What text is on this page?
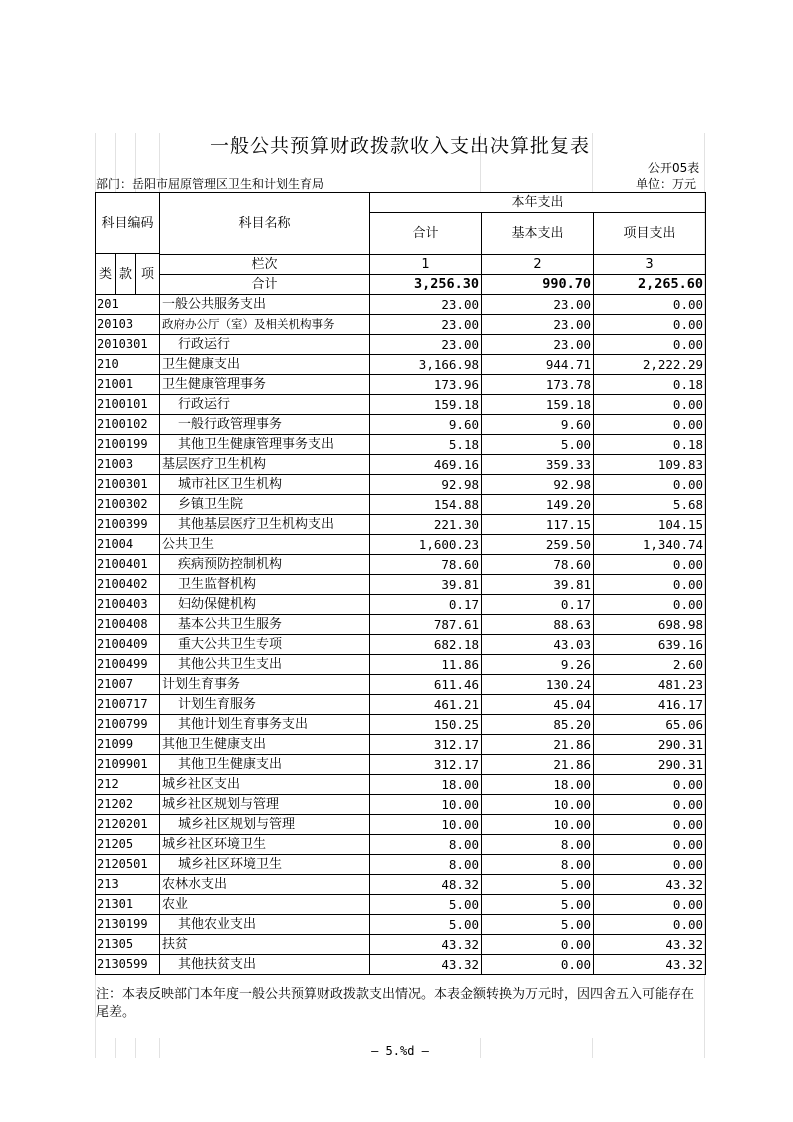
一般公共预算财政拨款收入支出决算批复表
公开05表
部门：岳阳市屈原管理区卫生和计划生育局	单位：万元
科目编码			科目名称	本年支出		
				合计	基本支出	项目支出
类	款	项				
			栏次	1	2	3
			合计	3,256.30	990.70	2,265.60
201			一般公共服务支出	23.00	23.00	0.00
20103			政府办公厅（室）及相关机构事务	23.00	23.00	0.00
2010301			行政运行	23.00	23.00	0.00
210			卫生健康支出	3,166.98	944.71	2,222.29
21001			卫生健康管理事务	173.96	173.78	0.18
2100101			行政运行	159.18	159.18	0.00
2100102			一般行政管理事务	9.60	9.60	0.00
2100199			其他卫生健康管理事务支出	5.18	5.00	0.18
21003			基层医疗卫生机构	469.16	359.33	109.83
2100301			城市社区卫生机构	92.98	92.98	0.00
2100302			乡镇卫生院	154.88	149.20	5.68
2100399			其他基层医疗卫生机构支出	221.30	117.15	104.15
21004			公共卫生	1,600.23	259.50	1,340.74
2100401			疾病预防控制机构	78.60	78.60	0.00
2100402			卫生监督机构	39.81	39.81	0.00
2100403			妇幼保健机构	0.17	0.17	0.00
2100408			基本公共卫生服务	787.61	88.63	698.98
2100409			重大公共卫生专项	682.18	43.03	639.16
2100499			其他公共卫生支出	11.86	9.26	2.60
21007			计划生育事务	611.46	130.24	481.23
2100717			计划生育服务	461.21	45.04	416.17
2100799			其他计划生育事务支出	150.25	85.20	65.06
21099			其他卫生健康支出	312.17	21.86	290.31
2109901			其他卫生健康支出	312.17	21.86	290.31
212			城乡社区支出	18.00	18.00	0.00
21202			城乡社区规划与管理	10.00	10.00	0.00
2120201			城乡社区规划与管理	10.00	10.00	0.00
21205			城乡社区环境卫生	8.00	8.00	0.00
2120501			城乡社区环境卫生	8.00	8.00	0.00
213			农林水支出	48.32	5.00	43.32
21301			农业	5.00	5.00	0.00
2130199			其他农业支出	5.00	5.00	0.00
21305			扶贫	43.32	0.00	43.32
2130599			其他扶贫支出	43.32	0.00	43.32
注：本表反映部门本年度一般公共预算财政拨款支出情况。本表金额转换为万元时，因四舍五入可能存在尾差。
— 5.%d —
